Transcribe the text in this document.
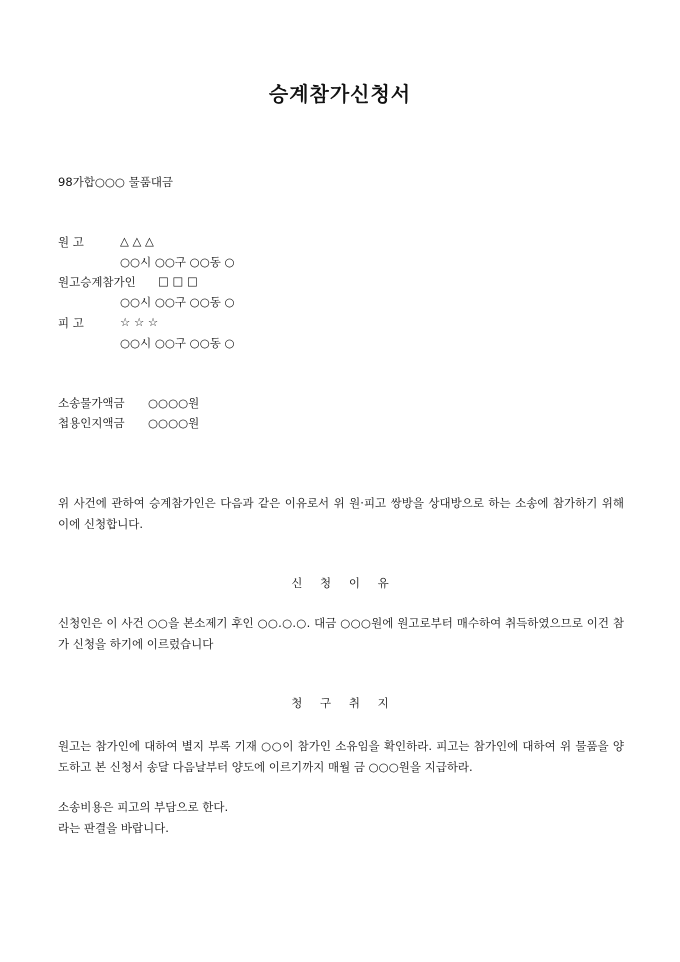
승계참가신청서
98가합○○○ 물품대금
원 고	△ △ △
○○시 ○○구 ○○동 ○
원고승계참가인 □ □ □
○○시 ○○구 ○○동 ○
피 고	☆ ☆ ☆
○○시 ○○구 ○○동 ○
소송물가액금 ○○○○원
첩용인지액금 ○○○○원
위 사건에 관하여 승계참가인은 다음과 같은 이유로서 위 원·피고 쌍방을 상대방으로 하는 소송에 참가하기 위해 이에 신청합니다.
신 청 이 유
신청인은 이 사건 ○○을 본소제기 후인 ○○.○.○. 대금 ○○○원에 원고로부터 매수하여 취득하였으므로 이건 참가 신청을 하기에 이르렀습니다
청 구 취 지
원고는 참가인에 대하여 별지 부록 기재 ○○이 참가인 소유임을 확인하라. 피고는 참가인에 대하여 위 물품을 양도하고 본 신청서 송달 다음날부터 양도에 이르기까지 매월 금 ○○○원을 지급하라.
소송비용은 피고의 부담으로 한다.
라는 판결을 바랍니다.
